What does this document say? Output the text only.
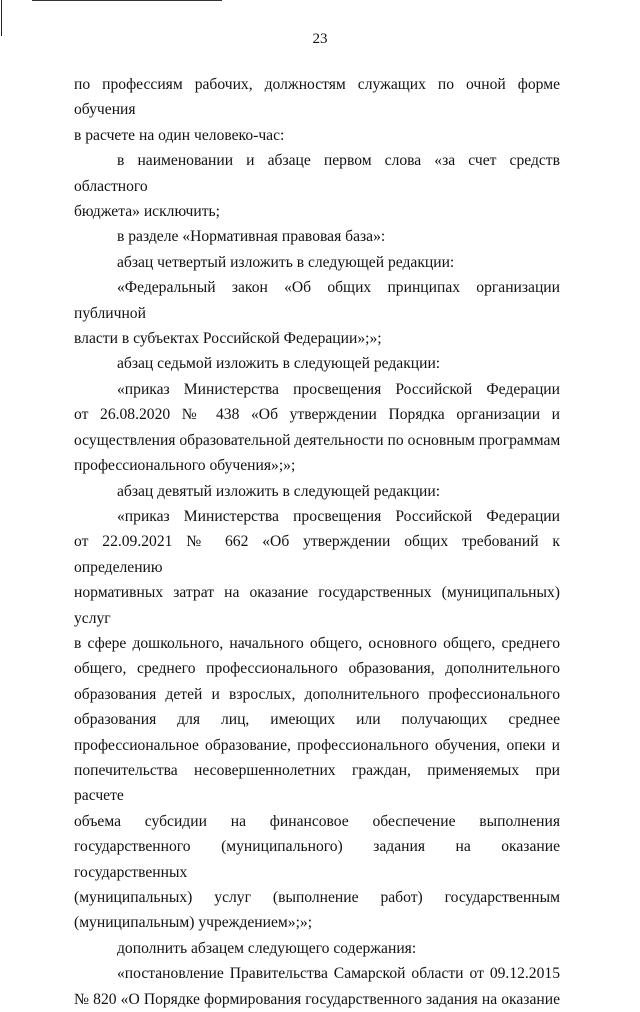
23

по профессиям рабочих, должностям служащих по очной форме обучения

в расчете на один человеко-час:

в наименовании и абзаце первом слова «за счет средств областного

бюджета» исключить;

в разделе «Нормативная правовая база»:

абзац четвертый изложить в следующей редакции:

«Федеральный закон «Об общих принципах организации публичной

власти в субъектах Российской Федерации»;»;

абзац седьмой изложить в следующей редакции:

«приказ Министерства просвещения Российской Федерации

от 26.08.2020 № 438 «Об утверждении Порядка организации и

осуществления образовательной деятельности по основным программам

профессионального обучения»;»;

абзац девятый изложить в следующей редакции:

«приказ Министерства просвещения Российской Федерации

от 22.09.2021 № 662 «Об утверждении общих требований к определению

нормативных затрат на оказание государственных (муниципальных) услуг

в сфере дошкольного, начального общего, основного общего, среднего

общего, среднего профессионального образования, дополнительного

образования детей и взрослых, дополнительного профессионального

образования для лиц, имеющих или получающих среднее

профессиональное образование, профессионального обучения, опеки и

попечительства несовершеннолетних граждан, применяемых при расчете

объема субсидии на финансовое обеспечение выполнения

государственного (муниципального) задания на оказание государственных

(муниципальных) услуг (выполнение работ) государственным

(муниципальным) учреждением»;»;

дополнить абзацем следующего содержания:

«постановление Правительства Самарской области от 09.12.2015

№ 820 «О Порядке формирования государственного задания на оказание
